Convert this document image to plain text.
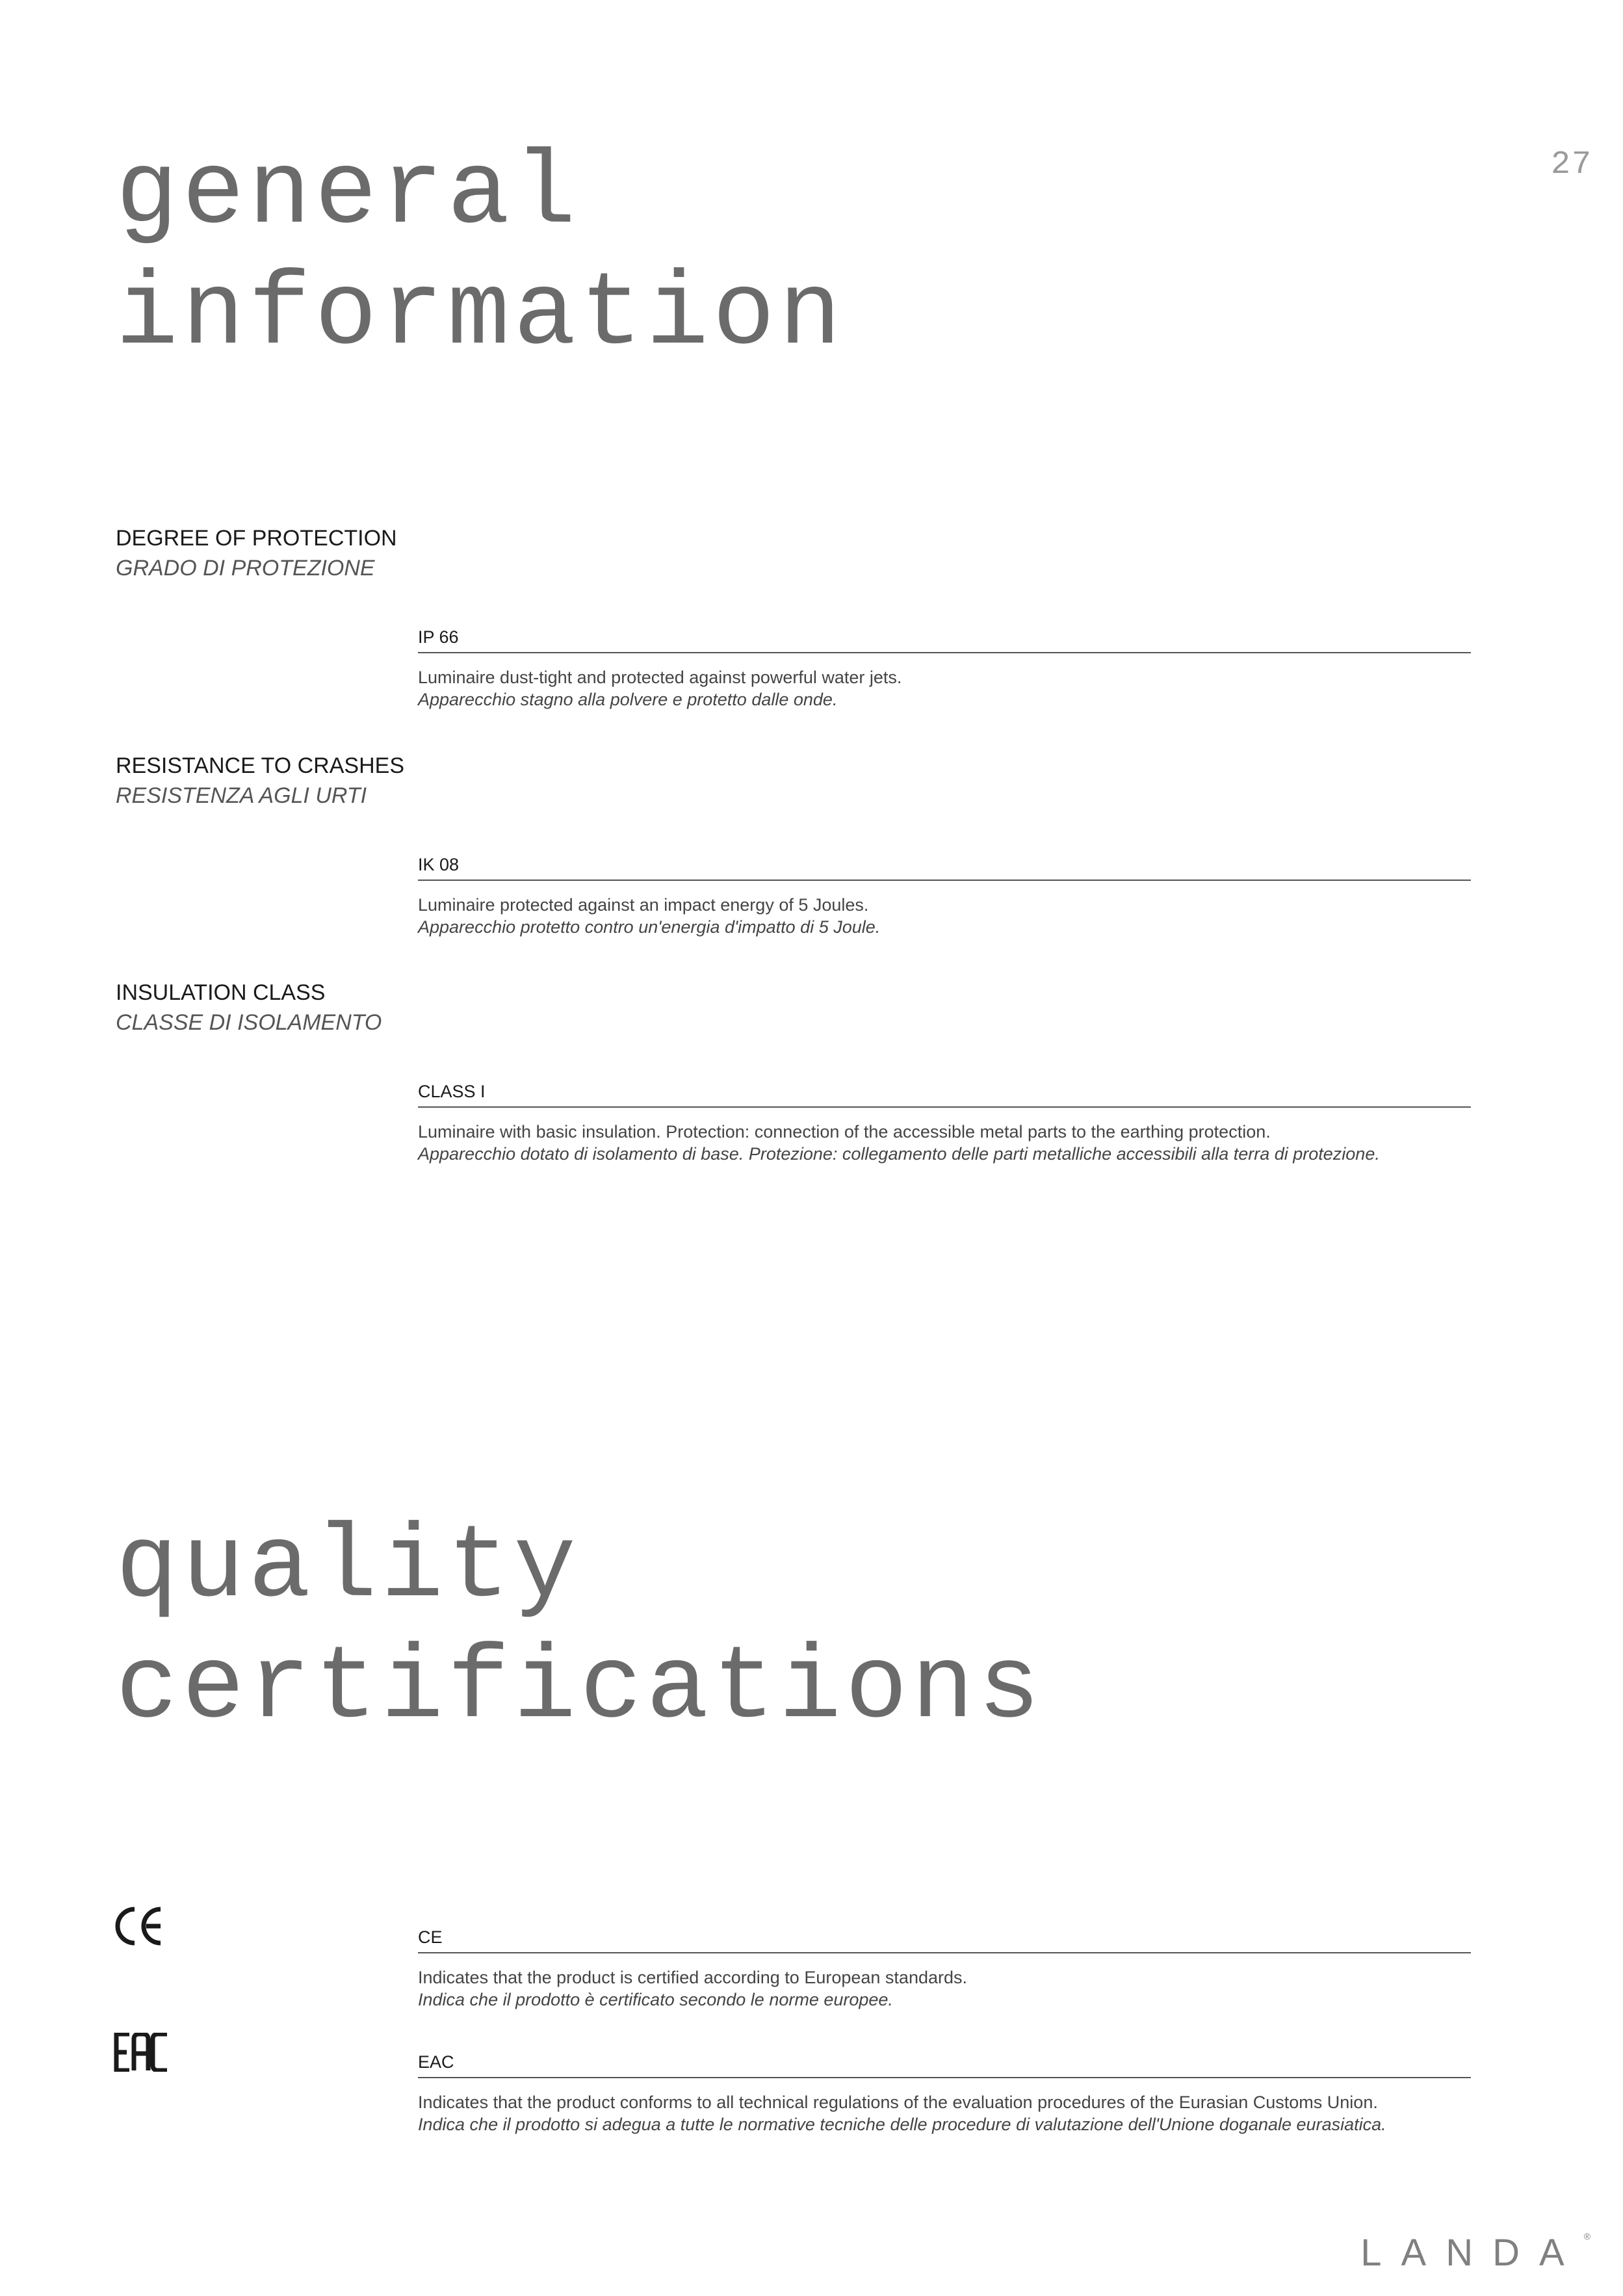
27
general
information
DEGREE OF PROTECTION
GRADO DI PROTEZIONE
IP 66
Luminaire dust-tight and protected against powerful water jets.
Apparecchio stagno alla polvere e protetto dalle onde.
RESISTANCE TO CRASHES
RESISTENZA AGLI URTI
IK 08
Luminaire protected against an impact energy of 5 Joules.
Apparecchio protetto contro un'energia d'impatto di 5 Joule.
INSULATION CLASS
CLASSE DI ISOLAMENTO
CLASS I
Luminaire with basic insulation. Protection: connection of the accessible metal parts to the earthing protection.
Apparecchio dotato di isolamento di base. Protezione: collegamento delle parti metalliche accessibili alla terra di protezione.
quality
certifications
CE
Indicates that the product is certified according to European standards.
Indica che il prodotto è certificato secondo le norme europee.
EAC
Indicates that the product conforms to all technical regulations of the evaluation procedures of the Eurasian Customs Union.
Indica che il prodotto si adegua a tutte le normative tecniche delle procedure di valutazione dell'Unione doganale eurasiatica.
LANDA®
